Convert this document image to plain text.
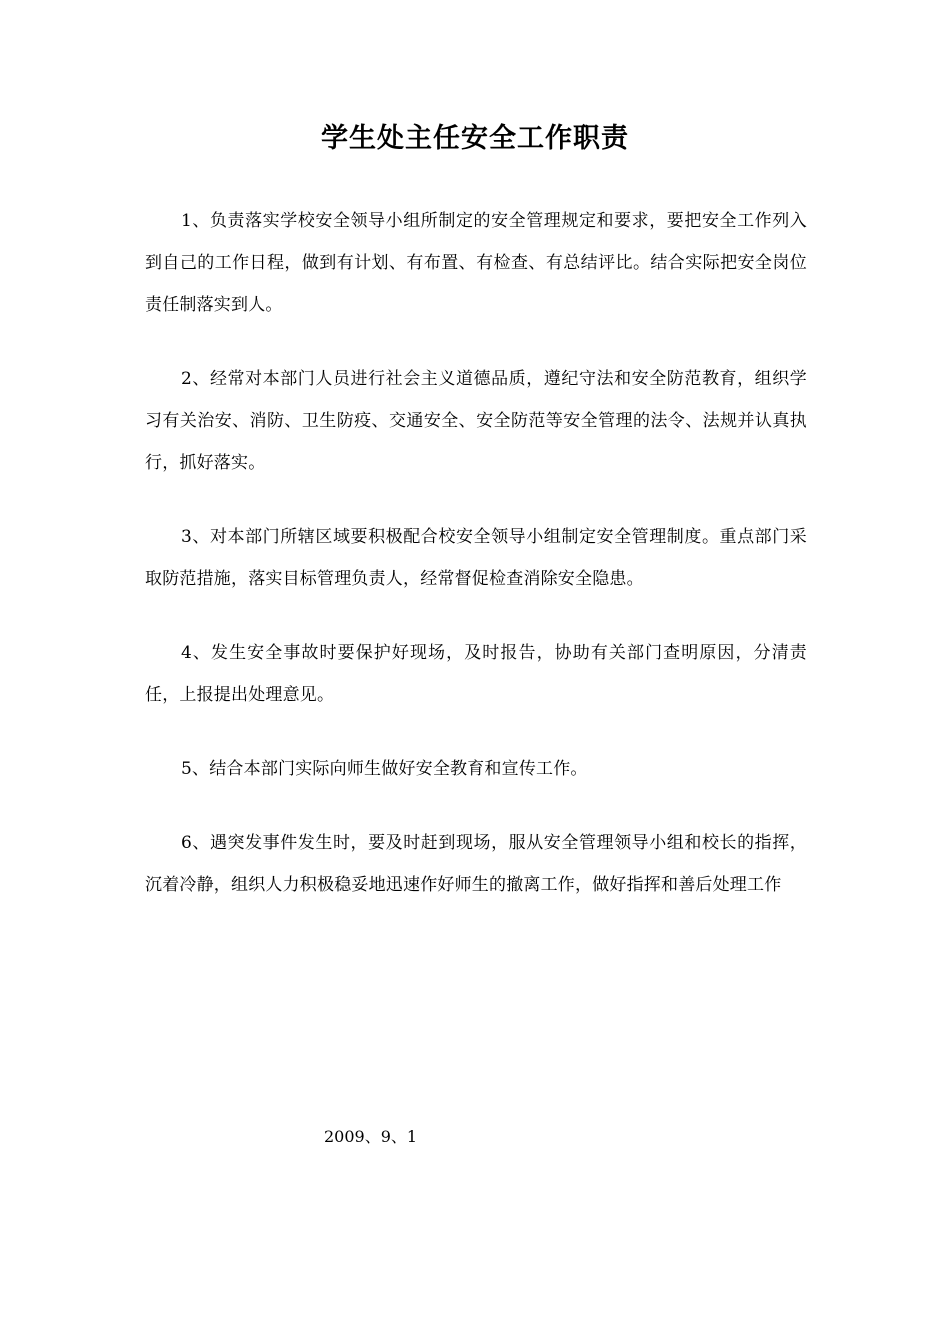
学生处主任安全工作职责

1、负责落实学校安全领导小组所制定的安全管理规定和要求，要把安全工作列入到自己的工作日程，做到有计划、有布置、有检查、有总结评比。结合实际把安全岗位责任制落实到人。

2、经常对本部门人员进行社会主义道德品质，遵纪守法和安全防范教育，组织学习有关治安、消防、卫生防疫、交通安全、安全防范等安全管理的法令、法规并认真执行，抓好落实。

3、对本部门所辖区域要积极配合校安全领导小组制定安全管理制度。重点部门采取防范措施，落实目标管理负责人，经常督促检查消除安全隐患。

4、发生安全事故时要保护好现场，及时报告，协助有关部门查明原因，分清责任，上报提出处理意见。

5、结合本部门实际向师生做好安全教育和宣传工作。

6、遇突发事件发生时，要及时赶到现场，服从安全管理领导小组和校长的指挥，沉着冷静，组织人力积极稳妥地迅速作好师生的撤离工作，做好指挥和善后处理工作

2009、9、1
